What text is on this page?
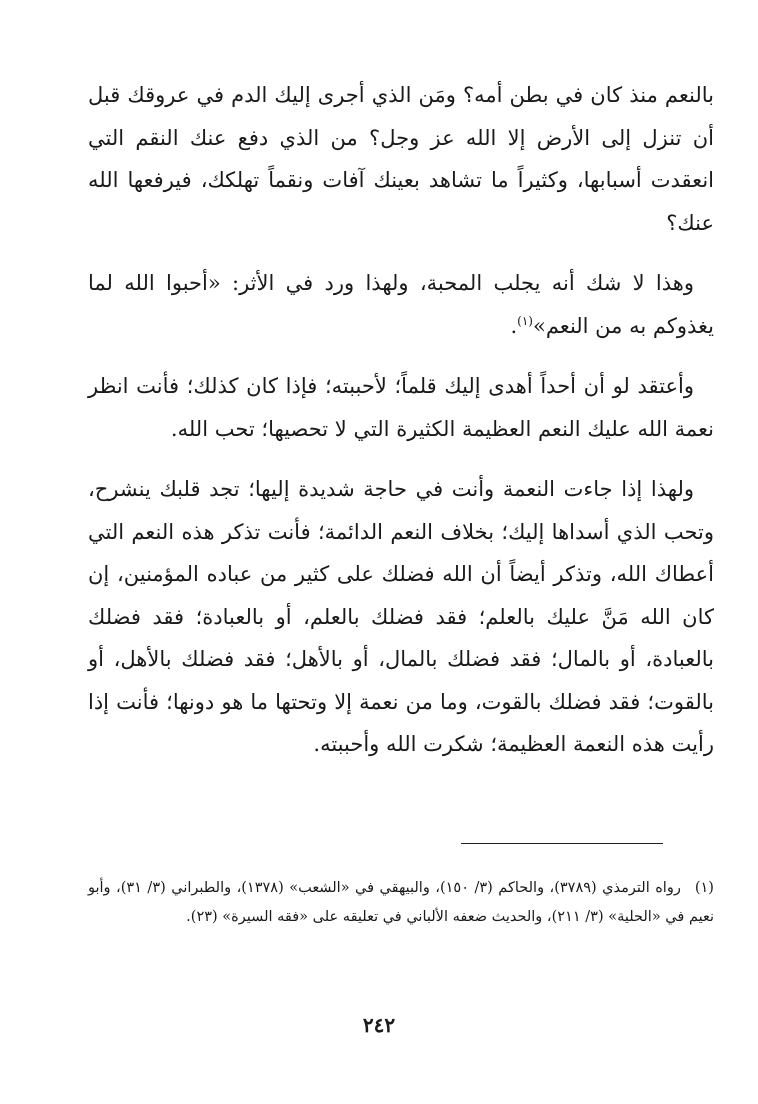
بالنعم منذ كان في بطن أمه؟ ومَن الذي أجرى إليك الدم في عروقك قبل أن تنزل إلى الأرض إلا الله عز وجل؟ من الذي دفع عنك النقم التي انعقدت أسبابها، وكثيراً ما تشاهد بعينك آفات ونقماً تهلكك، فيرفعها الله عنك؟

وهذا لا شك أنه يجلب المحبة، ولهذا ورد في الأثر: «أحبوا الله لما يغذوكم به من النعم»$^{(١)}$.

وأعتقد لو أن أحداً أهدى إليك قلماً؛ لأحببته؛ فإذا كان كذلك؛ فأنت انظر نعمة الله عليك النعم العظيمة الكثيرة التي لا تحصيها؛ تحب الله.

ولهذا إذا جاءت النعمة وأنت في حاجة شديدة إليها؛ تجد قلبك ينشرح، وتحب الذي أسداها إليك؛ بخلاف النعم الدائمة؛ فأنت تذكر هذه النعم التي أعطاك الله، وتذكر أيضاً أن الله فضلك على كثير من عباده المؤمنين، إن كان الله مَنَّ عليك بالعلم؛ فقد فضلك بالعلم، أو بالعبادة؛ فقد فضلك بالعبادة، أو بالمال؛ فقد فضلك بالمال، أو بالأهل؛ فقد فضلك بالأهل، أو بالقوت؛ فقد فضلك بالقوت، وما من نعمة إلا وتحتها ما هو دونها؛ فأنت إذا رأيت هذه النعمة العظيمة؛ شكرت الله وأحببته.

(١)رواه الترمذي (٣٧٨٩)، والحاكم (٣/ ١٥٠)، والبيهقي في «الشعب» (١٣٧٨)، والطبراني (٣/ ٣١)، وأبو نعيم في «الحلية» (٣/ ٢١١)، والحديث ضعفه الألباني في تعليقه على «فقه السيرة» (٢٣).
٢٤٢
